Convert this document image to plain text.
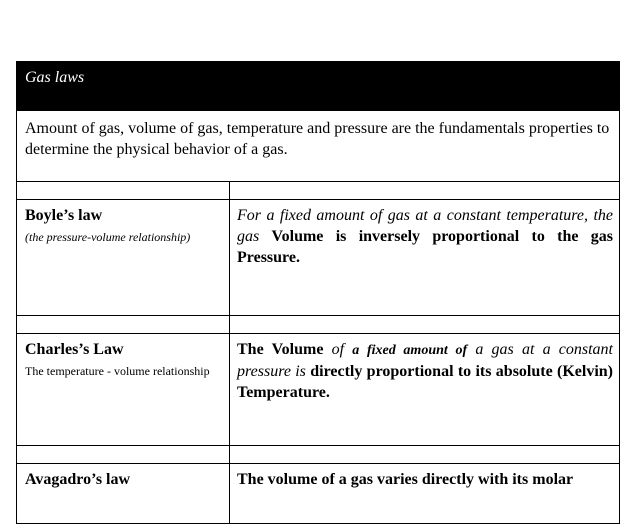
Gas laws
Amount of gas, volume of gas, temperature and pressure are the fundamentals properties to determine the physical behavior of a gas.
Boyle’s law
(the pressure-volume relationship)
For a fixed amount of gas at a constant temperature, the gas Volume is inversely proportional to the gas Pressure.
Charles’s Law
The temperature - volume relationship
The Volume of a fixed amount of a gas at a constant pressure is directly proportional to its absolute (Kelvin) Temperature.
Avagadro’s law	The volume of a gas varies directly with its molar
